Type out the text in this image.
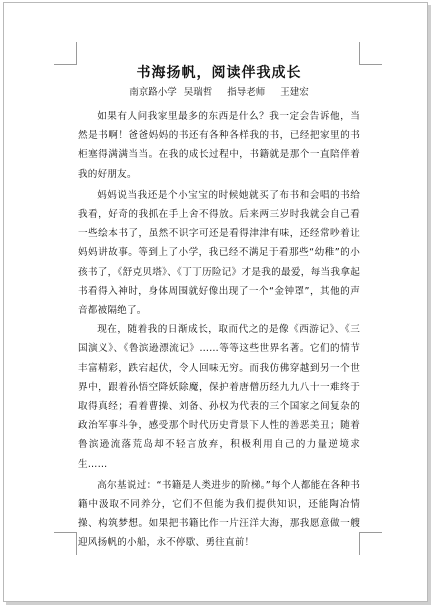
书海扬帆，阅读伴我成长
南京路小学 吴瑞哲 指导老师 王建宏

如果有人问我家里最多的东西是什么？我一定会告诉他，当然是书啊！爸爸妈妈的书还有各种各样我的书，已经把家里的书柜塞得满满当当。在我的成长过程中，书籍就是那个一直陪伴着我的好朋友。

妈妈说当我还是个小宝宝的时候她就买了布书和会唱的书给我看，好奇的我抓在手上舍不得放。后来两三岁时我就会自己看一些绘本书了，虽然不识字可还是看得津津有味，还经常吵着让妈妈讲故事。等到上了小学，我已经不满足于看那些“幼稚”的小孩书了，《舒克贝塔》、《丁丁历险记》才是我的最爱，每当我拿起书看得入神时，身体周围就好像出现了一个“金钟罩”，其他的声音都被隔绝了。

现在，随着我的日渐成长，取而代之的是像《西游记》、《三国演义》、《鲁滨逊漂流记》……等等这些世界名著。它们的情节丰富精彩，跌宕起伏，令人回味无穷。而我仿佛穿越到另一个世界中，跟着孙悟空降妖除魔，保护着唐僧历经九九八十一难终于取得真经；看着曹操、刘备、孙权为代表的三个国家之间复杂的政治军事斗争，感受那个时代历史背景下人性的善恶美丑；随着鲁滨逊流落荒岛却不轻言放弃，积极利用自己的力量逆境求生……

高尔基说过：“书籍是人类进步的阶梯。”每个人都能在各种书籍中汲取不同养分，它们不但能为我们提供知识，还能陶冶情操、构筑梦想。如果把书籍比作一片汪洋大海，那我愿意做一艘迎风扬帆的小船，永不停歇、勇往直前！
